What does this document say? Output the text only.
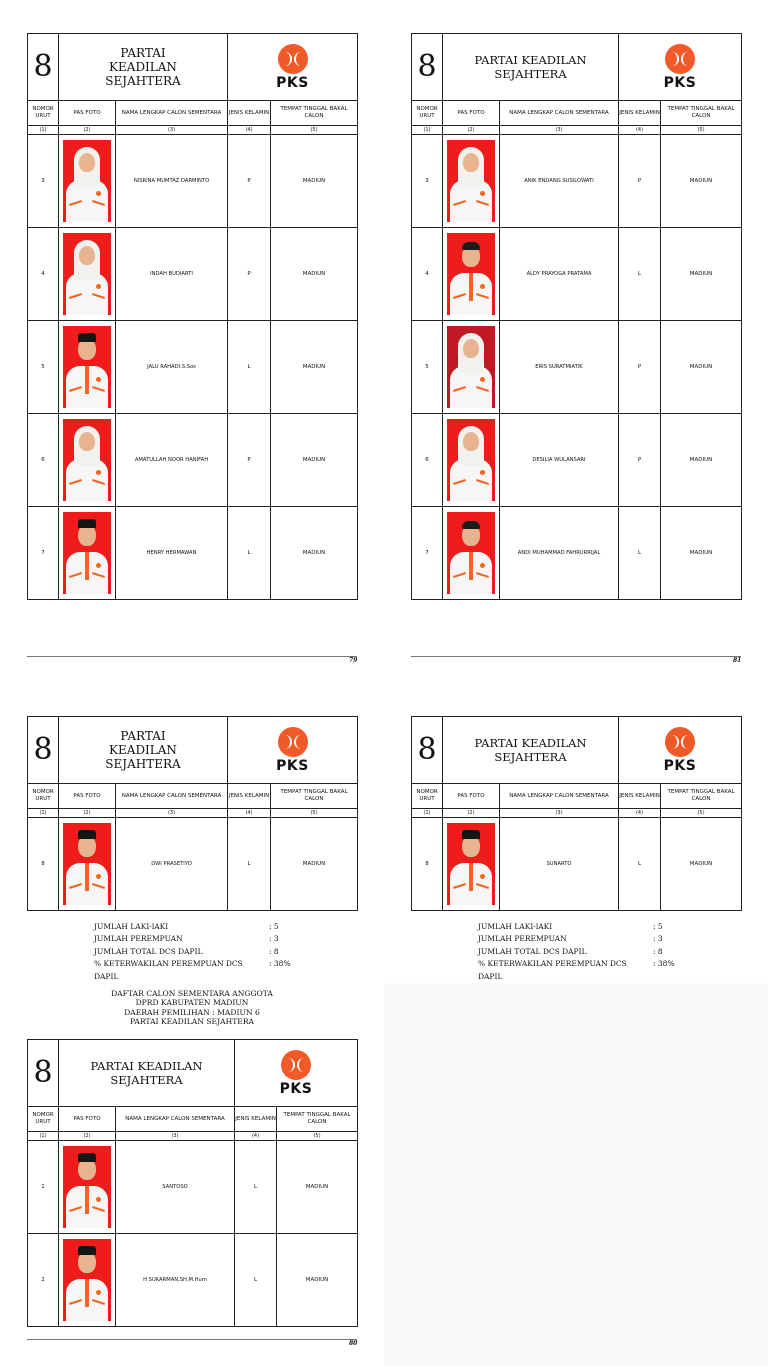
8	PARTAI KEADILAN SEJAHTERA		PKS	

NOMOR URUT	PAS FOTO	NAMA LENGKAP CALON SEMENTARA	JENIS KELAMIN	TEMPAT TINGGAL BAKAL CALON
(1)	(2)	(3)	(4)	(5)
3		NISRINA MUMTAZ DARMINTO	P	MADIUN
4		INDAH BUDIARTI	P	MADIUN
5		JALU RAHADI.S.Sos	L	MADIUN
6		AMATULLAH NOOR HANIFAH	P	MADIUN
7		HENRY HERMAWAN	L	MADIUN
79
8	PARTAI KEADILAN SEJAHTERA		PKS	

NOMOR URUT	PAS FOTO	NAMA LENGKAP CALON SEMENTARA	JENIS KELAMIN	TEMPAT TINGGAL BAKAL CALON
(1)	(2)	(3)	(4)	(5)
3		ANIK ENDANG SUSILOWATI	P	MADIUN
4		ALDY PRAYOGA PRATAMA	L	MADIUN
5		ERIS SURATMIATIK	P	MADIUN
6		DESILIA WULANSARI	P	MADIUN
7		ANDI MUHAMMAD FAHRURRIJAL	L	MADIUN
81
8	PARTAI KEADILAN SEJAHTERA		PKS	

NOMOR URUT	PAS FOTO	NAMA LENGKAP CALON SEMENTARA	JENIS KELAMIN	TEMPAT TINGGAL BAKAL CALON
(1)	(2)	(3)	(4)	(5)
8		DWI PRASETIYO	L	MADIUN
JUMLAH LAKI-lAKI	: 5
JUMLAH PEREMPUAN	: 3
JUMLAH TOTAL DCS DAPIL	: 8
% KETERWAKILAN PEREMPUAN DCS DAPIL
: 38%
8	PARTAI KEADILAN SEJAHTERA		PKS	

NOMOR URUT	PAS FOTO	NAMA LENGKAP CALON SEMENTARA	JENIS KELAMIN	TEMPAT TINGGAL BAKAL CALON
(1)	(2)	(3)	(4)	(5)
8		SUNARTO	L	MADIUN
JUMLAH LAKI-lAKI	: 5
JUMLAH PEREMPUAN	: 3
JUMLAH TOTAL DCS DAPIL	: 8
% KETERWAKILAN PEREMPUAN DCS DAPIL
: 38%
DAFTAR CALON SEMENTARA ANGGOTA
DPRD KABUPATEN MADIUN
DAERAH PEMILIHAN : MADIUN 6
PARTAI KEADILAN SEJAHTERA
8	PARTAI KEADILAN SEJAHTERA		PKS	

NOMOR URUT	PAS FOTO	NAMA LENGKAP CALON SEMENTARA	JENIS KELAMIN	TEMPAT TINGGAL BAKAL CALON
(1)	(2)	(3)	(4)	(5)
1		SANTOSO	L	MADIUN
2		H SUKARMAN,SH.M.Hum	L	MADIUN
80
